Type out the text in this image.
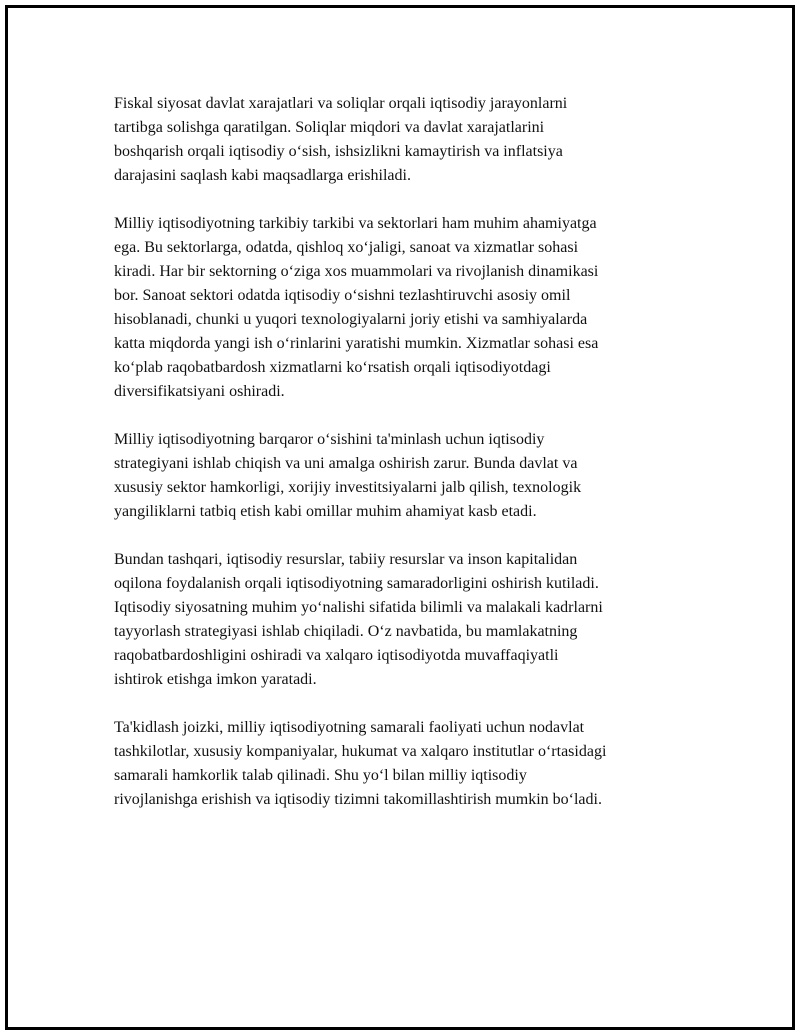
Fiskal siyosat davlat xarajatlari va soliqlar orqali iqtisodiy jarayonlarni
tartibga solishga qaratilgan. Soliqlar miqdori va davlat xarajatlarini
boshqarish orqali iqtisodiy o‘sish, ishsizlikni kamaytirish va inflatsiya
darajasini saqlash kabi maqsadlarga erishiladi.

Milliy iqtisodiyotning tarkibiy tarkibi va sektorlari ham muhim ahamiyatga
ega. Bu sektorlarga, odatda, qishloq xo‘jaligi, sanoat va xizmatlar sohasi
kiradi. Har bir sektorning o‘ziga xos muammolari va rivojlanish dinamikasi
bor. Sanoat sektori odatda iqtisodiy o‘sishni tezlashtiruvchi asosiy omil
hisoblanadi, chunki u yuqori texnologiyalarni joriy etishi va samhiyalarda
katta miqdorda yangi ish o‘rinlarini yaratishi mumkin. Xizmatlar sohasi esa
ko‘plab raqobatbardosh xizmatlarni ko‘rsatish orqali iqtisodiyotdagi
diversifikatsiyani oshiradi.

Milliy iqtisodiyotning barqaror o‘sishini ta'minlash uchun iqtisodiy
strategiyani ishlab chiqish va uni amalga oshirish zarur. Bunda davlat va
xususiy sektor hamkorligi, xorijiy investitsiyalarni jalb qilish, texnologik
yangiliklarni tatbiq etish kabi omillar muhim ahamiyat kasb etadi.

Bundan tashqari, iqtisodiy resurslar, tabiiy resurslar va inson kapitalidan
oqilona foydalanish orqali iqtisodiyotning samaradorligini oshirish kutiladi.
Iqtisodiy siyosatning muhim yo‘nalishi sifatida bilimli va malakali kadrlarni
tayyorlash strategiyasi ishlab chiqiladi. O‘z navbatida, bu mamlakatning
raqobatbardoshligini oshiradi va xalqaro iqtisodiyotda muvaffaqiyatli
ishtirok etishga imkon yaratadi.

Ta'kidlash joizki, milliy iqtisodiyotning samarali faoliyati uchun nodavlat
tashkilotlar, xususiy kompaniyalar, hukumat va xalqaro institutlar o‘rtasidagi
samarali hamkorlik talab qilinadi. Shu yo‘l bilan milliy iqtisodiy
rivojlanishga erishish va iqtisodiy tizimni takomillashtirish mumkin bo‘ladi.
